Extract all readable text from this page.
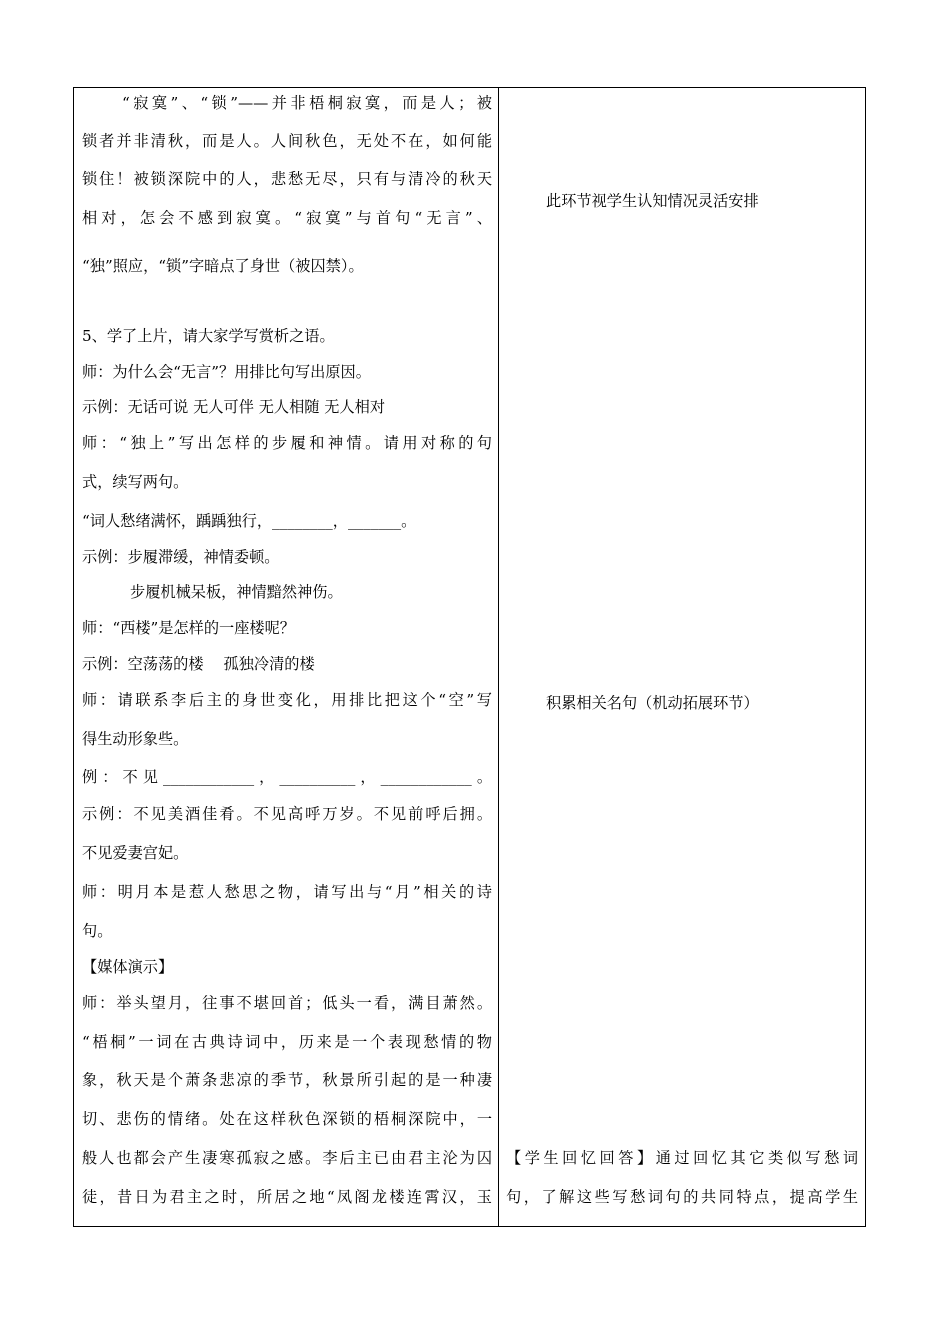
“寂寞”、“锁”——并非梧桐寂寞，而是人；被
锁者并非清秋，而是人。人间秋色，无处不在，如何能
锁住！被锁深院中的人，悲愁无尽，只有与清冷的秋天
相对，怎会不感到寂寞。“寂寞”与首句“无言”、
“独”照应，“锁”字暗点了身世（被囚禁）。
5、学了上片，请大家学写赏析之语。
师：为什么会“无言”？用排比句写出原因。
示例：无话可说 无人可伴 无人相随 无人相对
师：“独上”写出怎样的步履和神情。请用对称的句
式，续写两句。
“词人愁绪满怀，踽踽独行，________，_______。
示例：步履滞缓，神情委顿。
步履机械呆板，神情黯然神伤。
师：“西楼”是怎样的一座楼呢？
示例：空荡荡的楼　 孤独冷清的楼
师：请联系李后主的身世变化，用排比把这个“空”写
得生动形象些。
例：不见____________，__________，____________。
示例：不见美酒佳肴。不见高呼万岁。不见前呼后拥。
不见爱妻宫妃。
师：明月本是惹人愁思之物，请写出与“月”相关的诗
句。
【媒体演示】
师：举头望月，往事不堪回首；低头一看，满目萧然。
“梧桐”一词在古典诗词中，历来是一个表现愁情的物
象，秋天是个萧条悲凉的季节，秋景所引起的是一种凄
切、悲伤的情绪。处在这样秋色深锁的梧桐深院中，一
般人也都会产生凄寒孤寂之感。李后主已由君主沦为囚
徒，昔日为君主之时，所居之地“凤阁龙楼连霄汉，玉
此环节视学生认知情况灵活安排
积累相关名句（机动拓展环节）
【学生回忆回答】通过回忆其它类似写愁词
句，了解这些写愁词句的共同特点，提高学生
